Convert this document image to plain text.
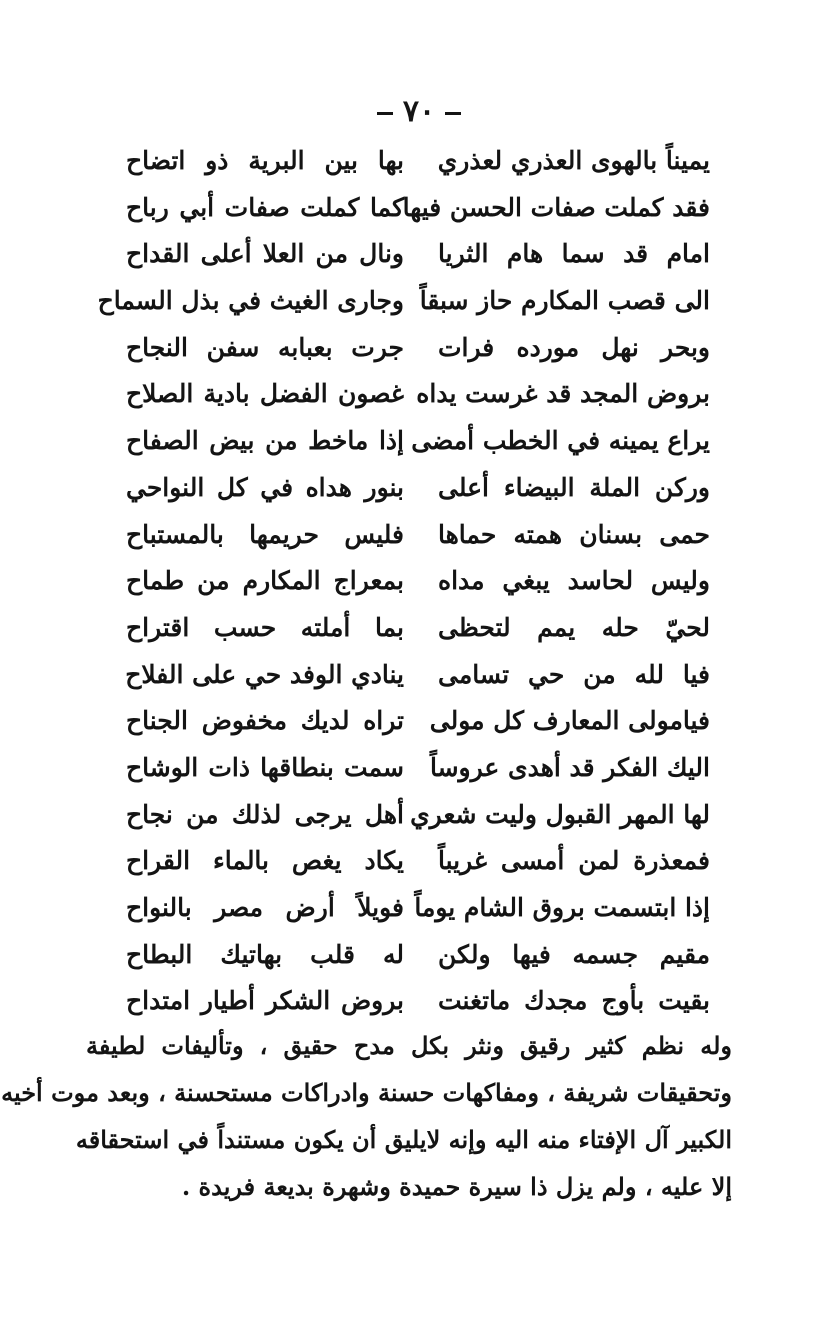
٧٠
يميناً بالهوى العذري لعذري
بها بين البرية ذو اتضاح
فقد كملت صفات الحسن فيها
كما كملت صفات أبي رباح
امام قد سما هام الثريا
ونال من العلا أعلى القداح
الى قصب المكارم حاز سبقاً
وجارى الغيث في بذل السماح
وبحر نهل مورده فرات
جرت بعبابه سفن النجاح
بروض المجد قد غرست يداه
غصون الفضل بادية الصلاح
يراع يمينه في الخطب أمضى
إذا ماخط من بيض الصفاح
وركن الملة البيضاء أعلى
بنور هداه في كل النواحي
حمى بسنان همته حماها
فليس حريمها بالمستباح
وليس لحاسد يبغي مداه
بمعراج المكارم من طماح
لحيّ حله يمم لتحظى
بما أملته حسب اقتراح
فيا لله من حي تسامى
ينادي الوفد حي على الفلاح
فيامولى المعارف كل مولى
تراه لديك مخفوض الجناح
اليك الفكر قد أهدى عروساً
سمت بنطاقها ذات الوشاح
لها المهر القبول وليت شعري
أهل يرجى لذلك من نجاح
فمعذرة لمن أمسى غريباً
يكاد يغص بالماء القراح
إذا ابتسمت بروق الشام يوماً
فويلاً أرض مصر بالنواح
مقيم جسمه فيها ولكن
له قلب بهاتيك البطاح
بقيت بأوج مجدك ماتغنت
بروض الشكر أطيار امتداح
وله نظم كثير رقيق ونثر بكل مدح حقيق ، وتأليفات لطيفة
وتحقيقات شريفة ، ومفاكهات حسنة وادراكات مستحسنة ، وبعد موت أخيه
الكبير آل الإفتاء منه اليه وإنه لايليق أن يكون مستنداً في استحقاقه
إلا عليه ، ولم يزل ذا سيرة حميدة وشهرة بديعة فريدة .
